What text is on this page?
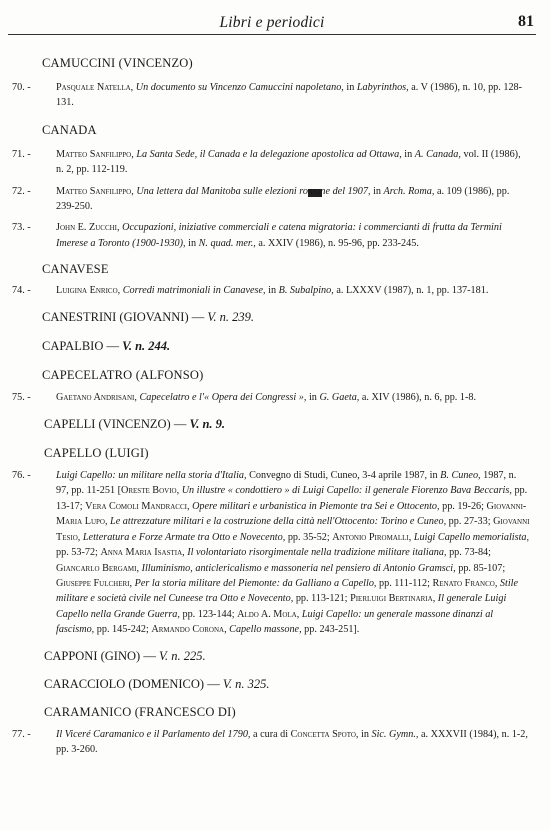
Libri e periodici	81

CAMUCCINI (VINCENZO)

70. -	Pasquale Natella, Un documento su Vincenzo Camuccini napoletano, in Labyrinthos, a. V (1986), n. 10, pp. 128-131.

CANADA

71. -	Matteo Sanfilippo, La Santa Sede, il Canada e la delegazione apostolica ad Ottawa, in A. Canada, vol. II (1986), n. 2, pp. 112-119.

72. -	Matteo Sanfilippo, Una lettera dal Manitoba sulle elezioni romane del 1907, in Arch. Roma, a. 109 (1986), pp. 239-250.

73. -	John E. Zucchi, Occupazioni, iniziative commerciali e catena migratoria: i commercianti di frutta da Termini Imerese a Toronto (1900-1930), in N. quad. mer., a. XXIV (1986), n. 95-96, pp. 233-245.

CANAVESE

74. -	Luigina Enrico, Corredi matrimoniali in Canavese, in B. Subalpino, a. LXXXV (1987), n. 1, pp. 137-181.

CANESTRINI (GIOVANNI) — V. n. 239.

CAPALBIO — V. n. 244.

CAPECELATRO (ALFONSO)

75. -	Gaetano Andrisani, Capecelatro e l'« Opera dei Congressi », in G. Gaeta, a. XIV (1986), n. 6, pp. 1-8.

CAPELLI (VINCENZO) — V. n. 9.

CAPELLO (LUIGI)

76. -	Luigi Capello: un militare nella storia d'Italia, Convegno di Studi, Cuneo, 3-4 aprile 1987, in B. Cuneo, 1987, n. 97, pp. 11-251 [Oreste Bovio, Un illustre « condottiero » di Luigi Capello: il generale Fiorenzo Bava Beccaris, pp. 13-17; Vera Comoli Mandracci, Opere militari e urbanistica in Piemonte tra Sei e Ottocento, pp. 19-26; Giovanni-Maria Lupo, Le attrezzature militari e la costruzione della città nell'Ottocento: Torino e Cuneo, pp. 27-33; Giovanni Tesio, Letteratura e Forze Armate tra Otto e Novecento, pp. 35-52; Antonio Piromalli, Luigi Capello memorialista, pp. 53-72; Anna Maria Isastia, Il volontariato risorgimentale nella tradizione militare italiana, pp. 73-84; Giancarlo Bergami, Illuminismo, anticlericalismo e massoneria nel pensiero di Antonio Gramsci, pp. 85-107; Giuseppe Fulcheri, Per la storia militare del Piemonte: da Galliano a Capello, pp. 111-112; Renato Franco, Stile militare e società civile nel Cuneese tra Otto e Novecento, pp. 113-121; Pierluigi Bertinaria, Il generale Luigi Capello nella Grande Guerra, pp. 123-144; Aldo A. Mola, Luigi Capello: un generale massone dinanzi al fascismo, pp. 145-242; Armando Corona, Capello massone, pp. 243-251].

CAPPONI (GINO) — V. n. 225.

CARACCIOLO (DOMENICO) — V. n. 325.

CARAMANICO (FRANCESCO DI)

77. -	Il Viceré Caramanico e il Parlamento del 1790, a cura di Concetta Spoto, in Sic. Gymn., a. XXXVII (1984), n. 1-2, pp. 3-260.
